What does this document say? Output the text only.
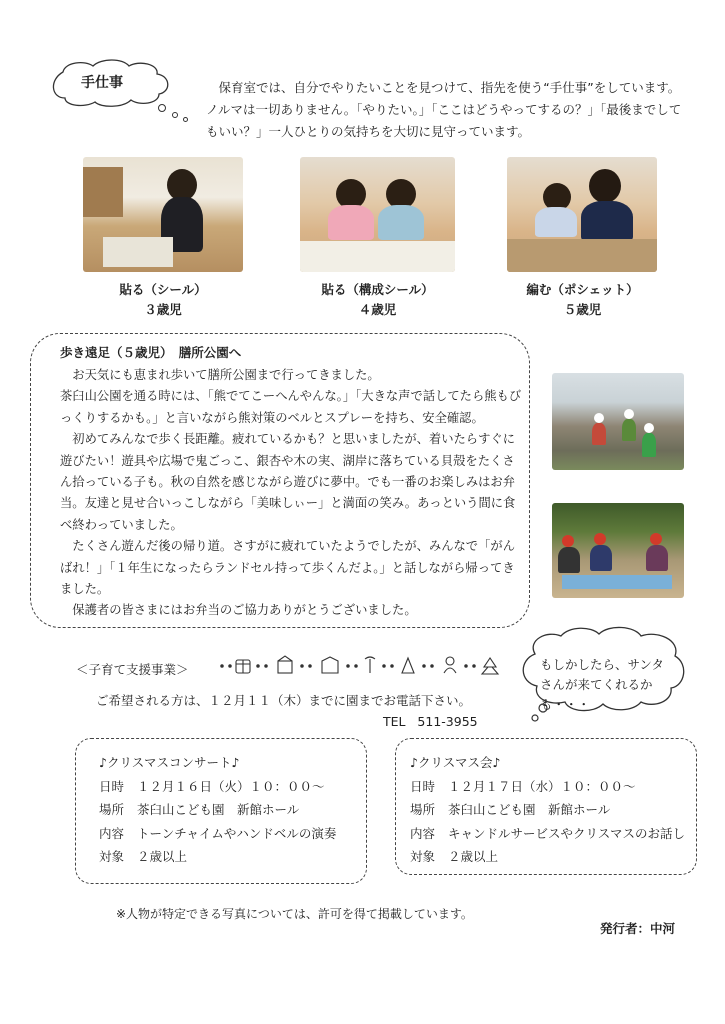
手仕事	保育室では、自分でやりたいことを見つけて、指先を使う“手仕事”をしています。ノルマは一切ありません。「やりたい。」「ここはどうやってするの？」「最後までしてもいい？」一人ひとりの気持ちを大切に見守っています。
貼る（シール）
３歳児
貼る（構成シール）
４歳児
編む（ポシェット）
５歳児
歩き遠足（５歳児）　膳所公園へ

お天気にも恵まれ歩いて膳所公園まで行ってきました。

茶臼山公園を通る時には、「熊でてこーへんやんな。」「大きな声で話してたら熊もびっくりするかも。」と言いながら熊対策のベルとスプレーを持ち、安全確認。

初めてみんなで歩く長距離。疲れているかも？と思いましたが、着いたらすぐに遊びたい！遊具や広場で鬼ごっこ、銀杏や木の実、湖岸に落ちている貝殻をたくさん拾っている子も。秋の自然を感じながら遊びに夢中。でも一番のお楽しみはお弁当。友達と見せ合いっこしながら「美味しぃー」と満面の笑み。あっという間に食べ終わっていました。

たくさん遊んだ後の帰り道。さすがに疲れていたようでしたが、みんなで「がんばれ！」「１年生になったらランドセル持って歩くんだよ。」と話しながら帰ってきました。

保護者の皆さまにはお弁当のご協力ありがとうございました。

＜子育て支援事業＞
ご希望される方は、１２月１１（木）までに園までお電話下さい。
TEL 511-3955
もしかしたら、サンタさんが来てくれるかも・・・
♪クリスマスコンサート♪
日時 １２月１６日（火）１０：００～
場所 茶臼山こども園　新館ホール
内容 トーンチャイムやハンドベルの演奏
対象 ２歳以上
♪クリスマス会♪
日時 １２月１７日（水）１０：００～
場所 茶臼山こども園　新館ホール
内容 キャンドルサービスやクリスマスのお話し
対象 ２歳以上
※人物が特定できる写真については、許可を得て掲載しています。
発行者：中河
